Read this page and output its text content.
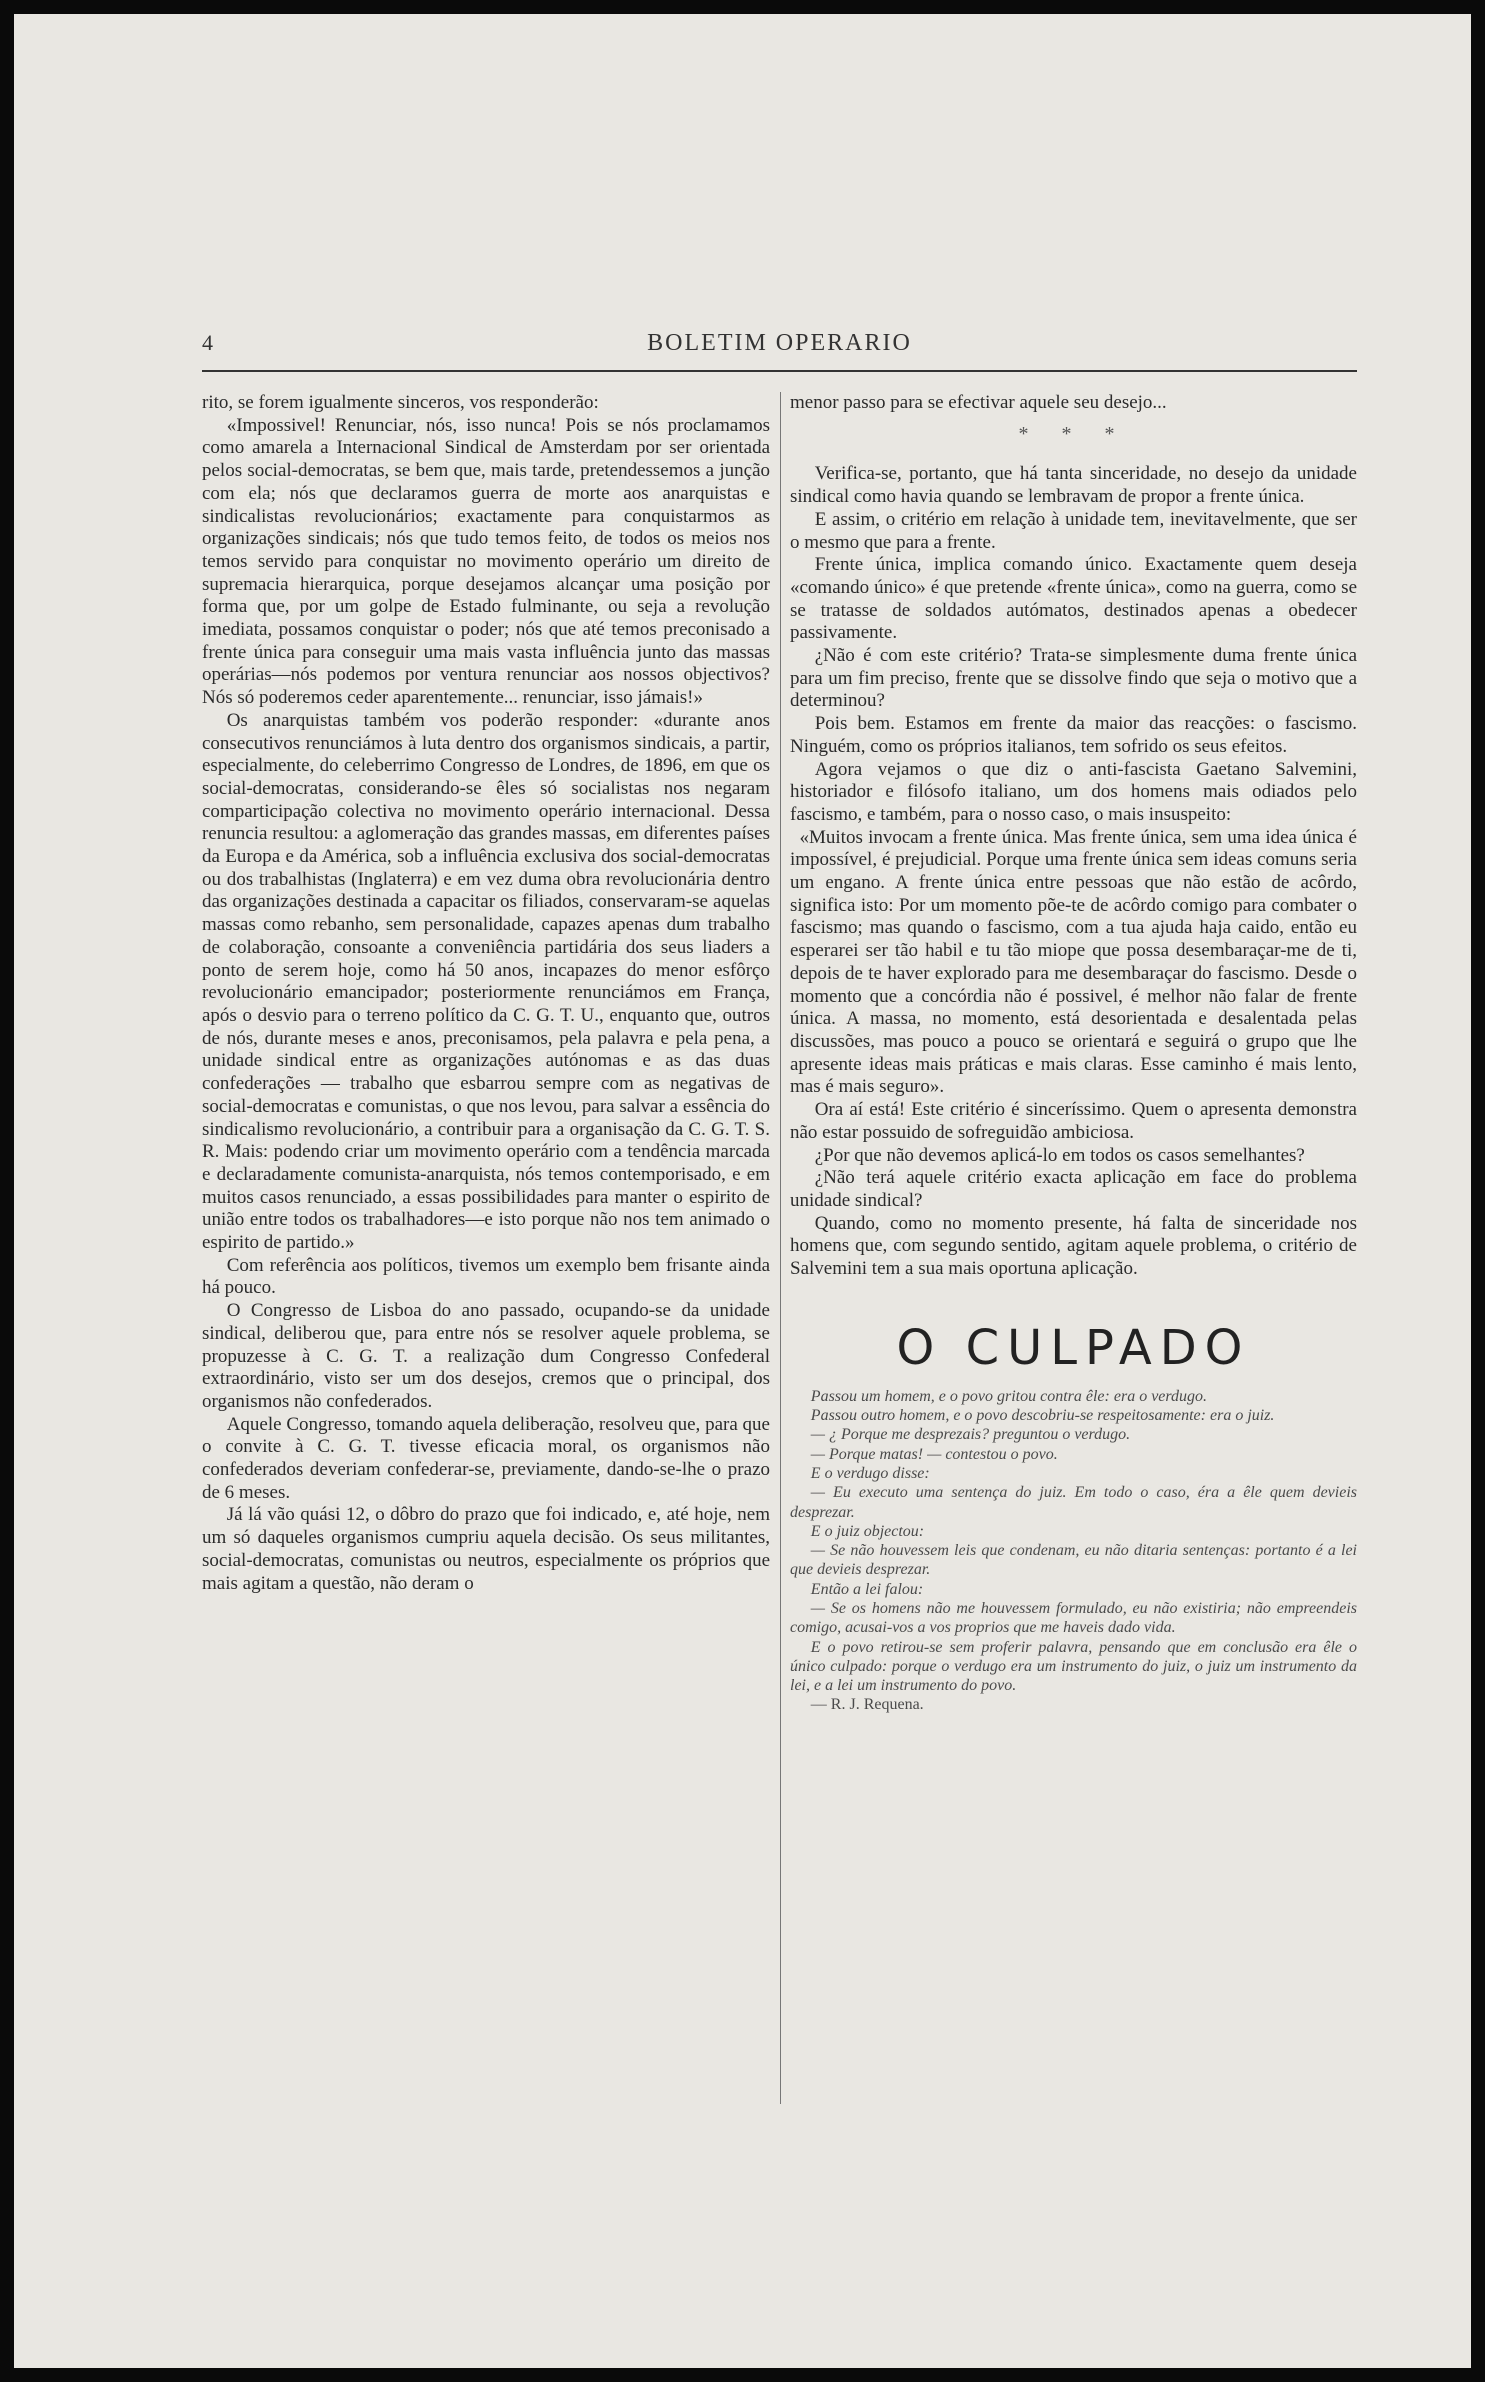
4	BOLETIM OPERARIO

rito, se forem igualmente sinceros, vos responderão:

«Impossivel! Renunciar, nós, isso nunca! Pois se nós proclamamos como amarela a Internacional Sindical de Amsterdam por ser orientada pelos social-democratas, se bem que, mais tarde, pretendessemos a junção com ela; nós que declaramos guerra de morte aos anarquistas e sindicalistas revolucionários; exactamente para conquistarmos as organizações sindicais; nós que tudo temos feito, de todos os meios nos temos servido para conquistar no movimento operário um direito de supremacia hierarquica, porque desejamos alcançar uma posição por forma que, por um golpe de Estado fulminante, ou seja a revolução imediata, possamos conquistar o poder; nós que até temos preconisado a frente única para conseguir uma mais vasta influência junto das massas operárias—nós podemos por ventura renunciar aos nossos objectivos? Nós só poderemos ceder aparentemente... renunciar, isso jámais!»

Os anarquistas também vos poderão responder: «durante anos consecutivos renunciámos à luta dentro dos organismos sindicais, a partir, especialmente, do celeberrimo Congresso de Londres, de 1896, em que os social-democratas, considerando-se êles só socialistas nos negaram comparticipação colectiva no movimento operário internacional. Dessa renuncia resultou: a aglomeração das grandes massas, em diferentes países da Europa e da América, sob a influência exclusiva dos social-democratas ou dos trabalhistas (Inglaterra) e em vez duma obra revolucionária dentro das organizações destinada a capacitar os filiados, conservaram-se aquelas massas como rebanho, sem personalidade, capazes apenas dum trabalho de colaboração, consoante a conveniência partidária dos seus liaders a ponto de serem hoje, como há 50 anos, incapazes do menor esfôrço revolucionário emancipador; posteriormente renunciámos em França, após o desvio para o terreno político da C. G. T. U., enquanto que, outros de nós, durante meses e anos, preconisamos, pela palavra e pela pena, a unidade sindical entre as organizações autónomas e as das duas confederações — trabalho que esbarrou sempre com as negativas de social-democratas e comunistas, o que nos levou, para salvar a essência do sindicalismo revolucionário, a contribuir para a organisação da C. G. T. S. R. Mais: podendo criar um movimento operário com a tendência marcada e declaradamente comunista-anarquista, nós temos contemporisado, e em muitos casos renunciado, a essas possibilidades para manter o espirito de união entre todos os trabalhadores—e isto porque não nos tem animado o espirito de partido.»

Com referência aos políticos, tivemos um exemplo bem frisante ainda há pouco.

O Congresso de Lisboa do ano passado, ocupando-se da unidade sindical, deliberou que, para entre nós se resolver aquele problema, se propuzesse à C. G. T. a realização dum Congresso Confederal extraordinário, visto ser um dos desejos, cremos que o principal, dos organismos não confederados.

Aquele Congresso, tomando aquela deliberação, resolveu que, para que o convite à C. G. T. tivesse eficacia moral, os organismos não confederados deveriam confederar-se, previamente, dando-se-lhe o prazo de 6 meses.

Já lá vão quási 12, o dôbro do prazo que foi indicado, e, até hoje, nem um só daqueles organismos cumpriu aquela decisão. Os seus militantes, social-democratas, comunistas ou neutros, especialmente os próprios que mais agitam a questão, não deram o

menor passo para se efectivar aquele seu desejo...

* * *

Verifica-se, portanto, que há tanta sinceridade, no desejo da unidade sindical como havia quando se lembravam de propor a frente única.

E assim, o critério em relação à unidade tem, inevitavelmente, que ser o mesmo que para a frente.

Frente única, implica comando único. Exactamente quem deseja «comando único» é que pretende «frente única», como na guerra, como se se tratasse de soldados autómatos, destinados apenas a obedecer passivamente.

¿Não é com este critério? Trata-se simplesmente duma frente única para um fim preciso, frente que se dissolve findo que seja o motivo que a determinou?

Pois bem. Estamos em frente da maior das reacções: o fascismo. Ninguém, como os próprios italianos, tem sofrido os seus efeitos.

Agora vejamos o que diz o anti-fascista Gaetano Salvemini, historiador e filósofo italiano, um dos homens mais odiados pelo fascismo, e também, para o nosso caso, o mais insuspeito:

«Muitos invocam a frente única. Mas frente única, sem uma idea única é impossível, é prejudicial. Porque uma frente única sem ideas comuns seria um engano. A frente única entre pessoas que não estão de acôrdo, significa isto: Por um momento põe-te de acôrdo comigo para combater o fascismo; mas quando o fascismo, com a tua ajuda haja caido, então eu esperarei ser tão habil e tu tão miope que possa desembaraçar-me de ti, depois de te haver explorado para me desembaraçar do fascismo. Desde o momento que a concórdia não é possivel, é melhor não falar de frente única. A massa, no momento, está desorientada e desalentada pelas discussões, mas pouco a pouco se orientará e seguirá o grupo que lhe apresente ideas mais práticas e mais claras. Esse caminho é mais lento, mas é mais seguro».

Ora aí está! Este critério é sinceríssimo. Quem o apresenta demonstra não estar possuido de sofreguidão ambiciosa.

¿Por que não devemos aplicá-lo em todos os casos semelhantes?

¿Não terá aquele critério exacta aplicação em face do problema unidade sindical?

Quando, como no momento presente, há falta de sinceridade nos homens que, com segundo sentido, agitam aquele problema, o critério de Salvemini tem a sua mais oportuna aplicação.

O CULPADO

Passou um homem, e o povo gritou contra êle: era o verdugo.

Passou outro homem, e o povo descobriu-se respeitosamente: era o juiz.

— ¿ Porque me desprezais? preguntou o verdugo.

— Porque matas! — contestou o povo.

E o verdugo disse:

— Eu executo uma sentença do juiz. Em todo o caso, éra a êle quem devieis desprezar.

E o juiz objectou:

— Se não houvessem leis que condenam, eu não ditaria sentenças: portanto é a lei que devieis desprezar.

Então a lei falou:

— Se os homens não me houvessem formulado, eu não existiria; não empreendeis comigo, acusai-vos a vos proprios que me haveis dado vida.

E o povo retirou-se sem proferir palavra, pensando que em conclusão era êle o único culpado: porque o verdugo era um instrumento do juiz, o juiz um instrumento da lei, e a lei um instrumento do povo.

— R. J. Requena.
